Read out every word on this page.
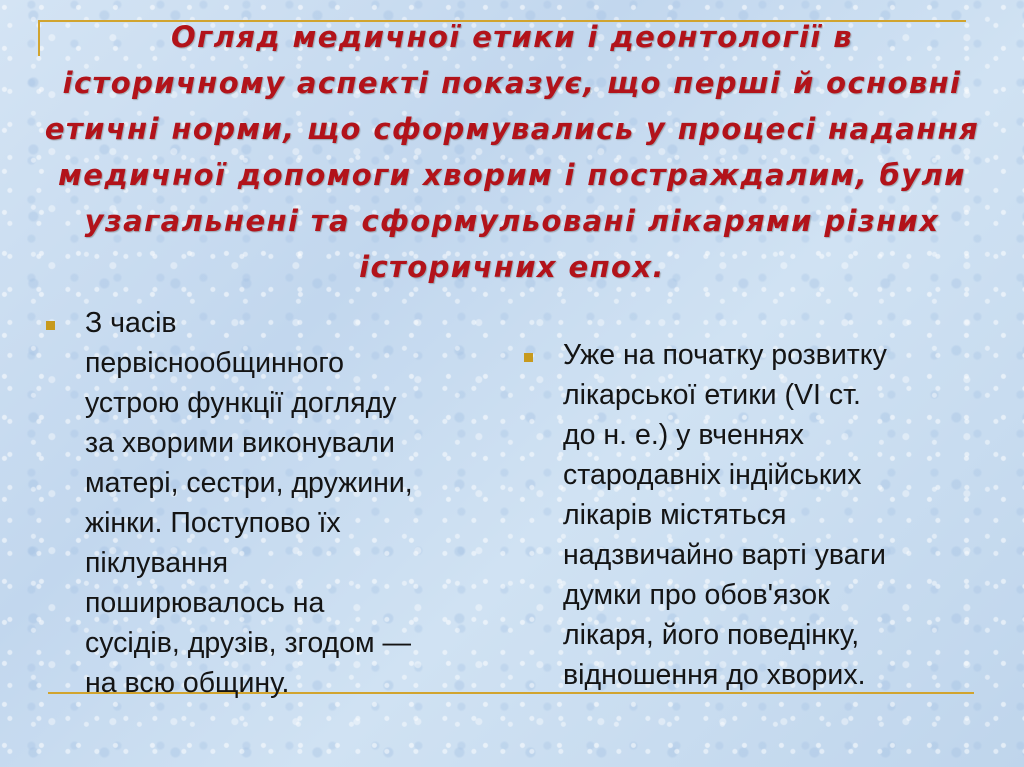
Огляд медичної етики і деонтології в
історичному аспекті показує, що перші й основні
етичні норми, що сформувались у процесі надання
медичної допомоги хворим і постраждалим, були
узагальнені та сформульовані лікарями різних
історичних епох.
З часів
первіснообщинного
устрою функції догляду
за хворими виконували
матері, сестри, дружини,
жінки. Поступово їх
піклування
поширювалось на
сусідів, друзів, згодом —
на всю общину.
Уже на початку розвитку
лікарської етики (VI ст.
до н. е.) у вченнях
стародавніх індійських
лікарів містяться
надзвичайно варті уваги
думки про обов'язок
лікаря, його поведінку,
відношення до хворих.
